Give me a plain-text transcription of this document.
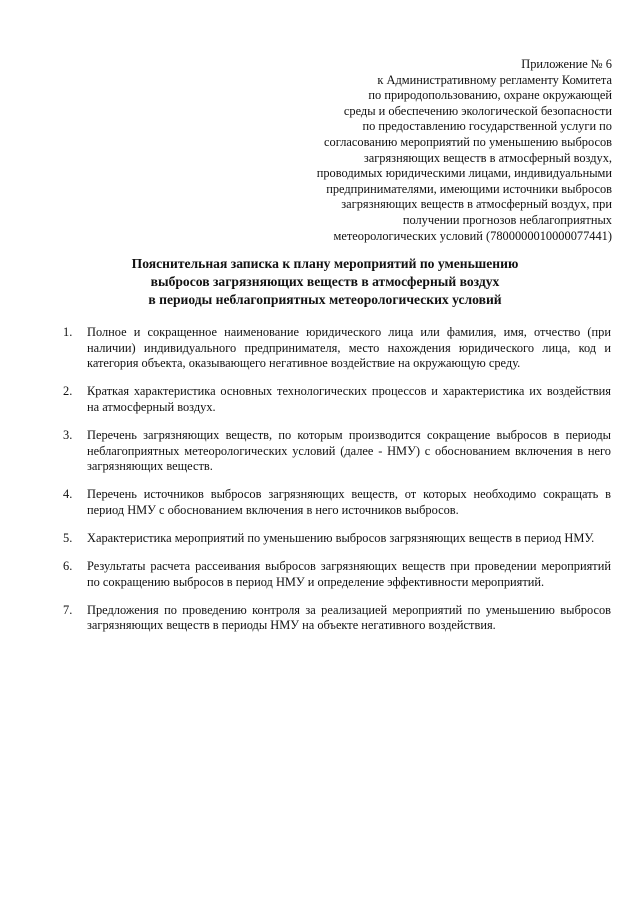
Приложение № 6
к Административному регламенту Комитета
по природопользованию, охране окружающей
среды и обеспечению экологической безопасности
по предоставлению государственной услуги по
согласованию мероприятий по уменьшению выбросов
загрязняющих веществ в атмосферный воздух,
проводимых юридическими лицами, индивидуальными
предпринимателями, имеющими источники выбросов
загрязняющих веществ в атмосферный воздух, при
получении прогнозов неблагоприятных
метеорологических условий (7800000010000077441)
Пояснительная записка к плану мероприятий по уменьшению
выбросов загрязняющих веществ в атмосферный воздух
в периоды неблагоприятных метеорологических условий
1.	Полное и сокращенное наименование юридического лица или фамилия, имя, отчество (при наличии) индивидуального предпринимателя, место нахождения юридического лица, код и категория объекта, оказывающего негативное воздействие на окружающую среду.
2.	Краткая характеристика основных технологических процессов и характеристика их воздействия на атмосферный воздух.
3.	Перечень загрязняющих веществ, по которым производится сокращение выбросов в периоды неблагоприятных метеорологических условий (далее - НМУ) с обоснованием включения в него загрязняющих веществ.
4.	Перечень источников выбросов загрязняющих веществ, от которых необходимо сокращать в период НМУ с обоснованием включения в него источников выбросов.
5.	Характеристика мероприятий по уменьшению выбросов загрязняющих веществ в период НМУ.
6.	Результаты расчета рассеивания выбросов загрязняющих веществ при проведении мероприятий по сокращению выбросов в период НМУ и определение эффективности мероприятий.
7.	Предложения по проведению контроля за реализацией мероприятий по уменьшению выбросов загрязняющих веществ в периоды НМУ на объекте негативного воздействия.
